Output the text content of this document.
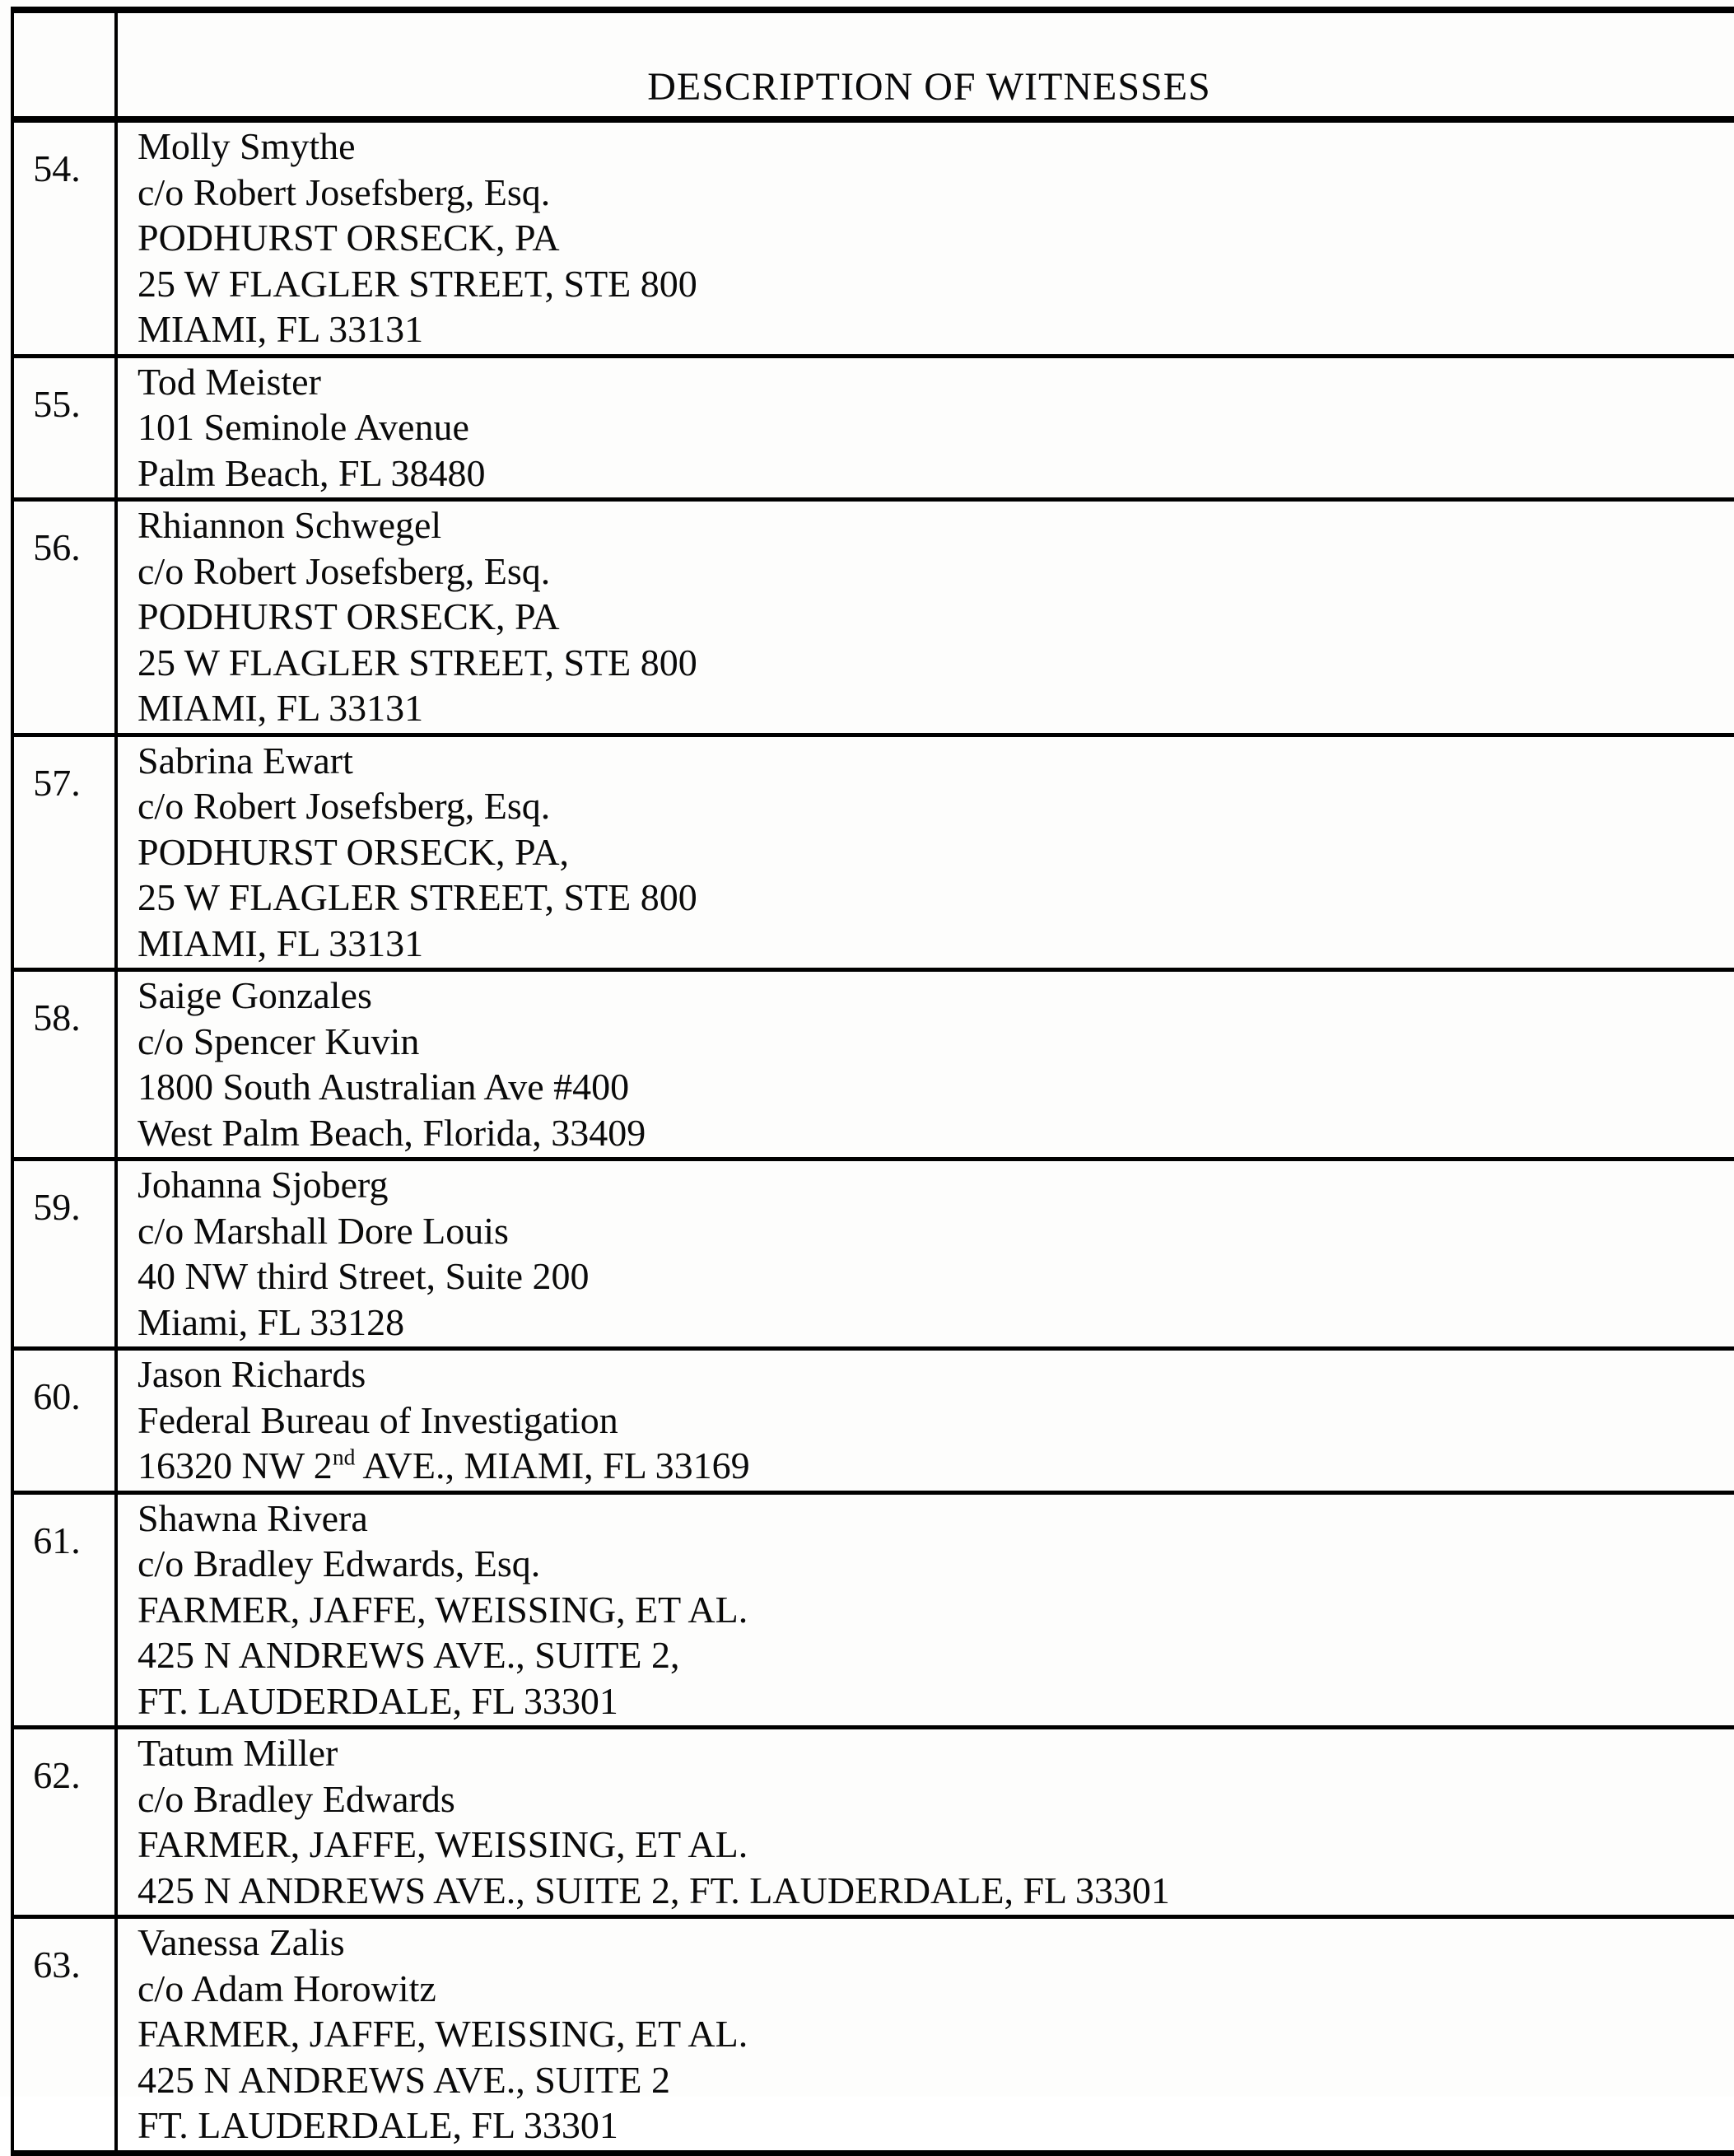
	DESCRIPTION OF WITNESSES
54.	Molly Smythe
c/o Robert Josefsberg, Esq.
PODHURST ORSECK, PA
25 W FLAGLER STREET, STE 800
MIAMI, FL 33131

55.	Tod Meister
101 Seminole Avenue
Palm Beach, FL 38480

56.	Rhiannon Schwegel
c/o Robert Josefsberg, Esq.
PODHURST ORSECK, PA
25 W FLAGLER STREET, STE 800
MIAMI, FL 33131

57.	Sabrina Ewart
c/o Robert Josefsberg, Esq.
PODHURST ORSECK, PA,
25 W FLAGLER STREET, STE 800
MIAMI, FL 33131

58.	Saige Gonzales
c/o Spencer Kuvin
1800 South Australian Ave #400
West Palm Beach, Florida, 33409

59.	Johanna Sjoberg
c/o Marshall Dore Louis
40 NW third Street, Suite 200
Miami, FL 33128

60.	Jason Richards
Federal Bureau of Investigation
16320 NW 2nd AVE., MIAMI, FL 33169

61.	Shawna Rivera
c/o Bradley Edwards, Esq.
FARMER, JAFFE, WEISSING, ET AL.
425 N ANDREWS AVE., SUITE 2,
FT. LAUDERDALE, FL 33301

62.	Tatum Miller
c/o Bradley Edwards
FARMER, JAFFE, WEISSING, ET AL.
425 N ANDREWS AVE., SUITE 2, FT. LAUDERDALE, FL 33301

63.	Vanessa Zalis
c/o Adam Horowitz
FARMER, JAFFE, WEISSING, ET AL.
425 N ANDREWS AVE., SUITE 2
FT. LAUDERDALE, FL 33301
